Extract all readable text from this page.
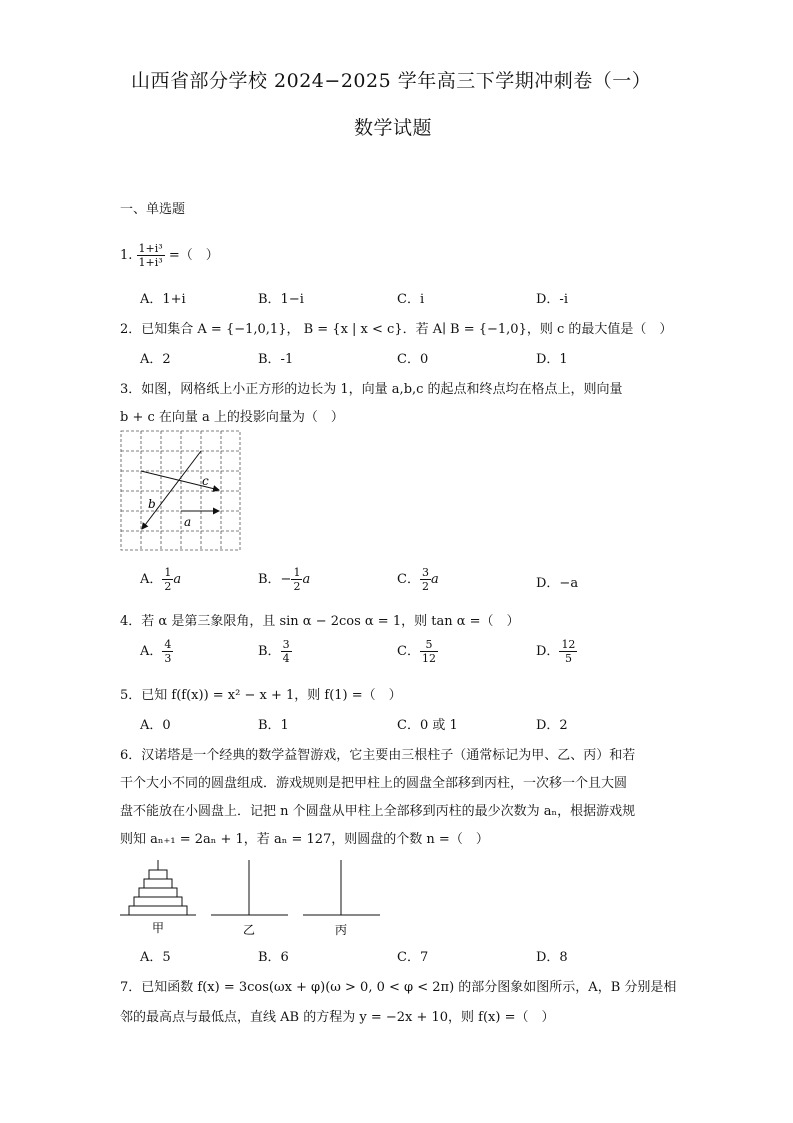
山西省部分学校 2024−2025 学年高三下学期冲刺卷（一）
数学试题
一、单选题
1. $\frac{\text{1+i³}}{\text{1+i³}}$ =（　）
A．1+i	B．1−i	C．i	D．-i
2．已知集合 A = {−1,0,1}， B = {x | x < c}．若 A∣ B = {−1,0}，则 c 的最大值是（　）
A．2	B．-1	C．0	D．1
3．如图，网格纸上小正方形的边长为 1，向量 a,b,c 的起点和终点均在格点上，则向量
b + c 在向量 a 上的投影向量为（　）
c
b
a
A． $\frac{1}{2}$ a	B．− $\frac{1}{2}$ a	C． $\frac{3}{2}$ a	D．−a
4．若 α 是第三象限角，且 sin α − 2cos α = 1，则 tan α =（　）
A． $\frac{4}{3}$	B． $\frac{3}{4}$	C． $\frac{5}{12}$	D． $\frac{12}{5}$
5．已知 f(f(x)) = x² − x + 1，则 f(1) =（　）
A．0	B．1	C．0 或 1	D．2
6．汉诺塔是一个经典的数学益智游戏，它主要由三根柱子（通常标记为甲、乙、丙）和若
干个大小不同的圆盘组成．游戏规则是把甲柱上的圆盘全部移到丙柱，一次移一个且大圆
盘不能放在小圆盘上．记把 n 个圆盘从甲柱上全部移到丙柱的最少次数为 aₙ，根据游戏规
则知 aₙ₊₁ = 2aₙ + 1，若 aₙ = 127，则圆盘的个数 n =（　）
甲	乙	丙
A．5	B．6	C．7	D．8
7．已知函数 f(x) = 3cos(ωx + φ)(ω > 0, 0 < φ < 2π) 的部分图象如图所示，A，B 分别是相
邻的最高点与最低点，直线 AB 的方程为 y = −2x + 10，则 f(x) =（　）
